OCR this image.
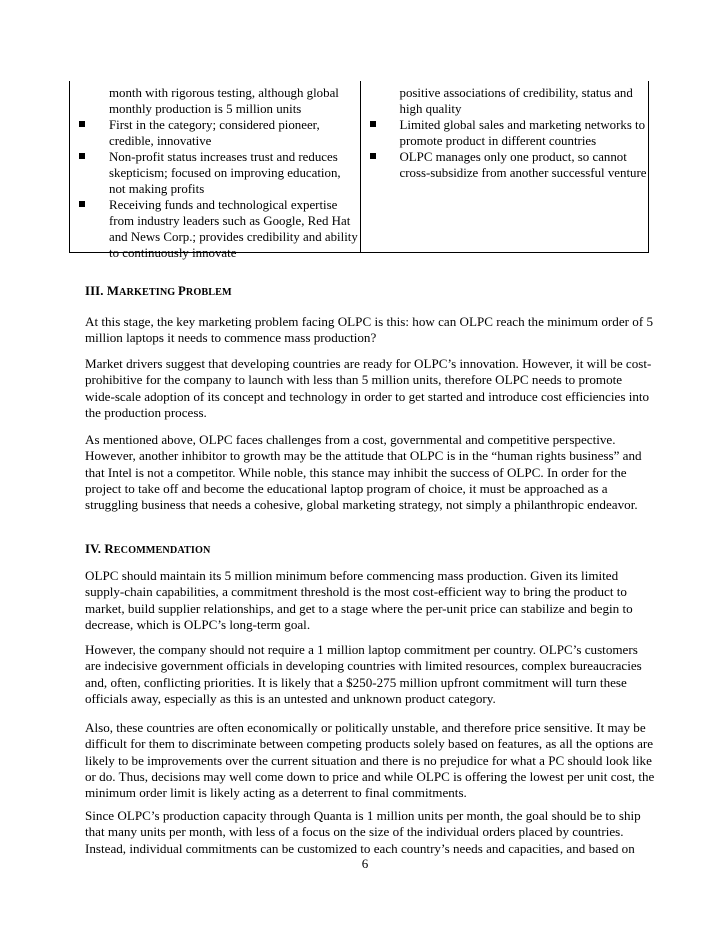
month with rigorous testing, although global monthly production is 5 million units
First in the category; considered pioneer, credible, innovative
Non-profit status increases trust and reduces skepticism; focused on improving education, not making profits
Receiving funds and technological expertise from industry leaders such as Google, Red Hat and News Corp.; provides credibility and ability to continuously innovate
positive associations of credibility, status and high quality
Limited global sales and marketing networks to promote product in different countries
OLPC manages only one product, so cannot cross-subsidize from another successful venture
III. MARKETING PROBLEM

At this stage, the key marketing problem facing OLPC is this: how can OLPC reach the minimum order of 5 million laptops it needs to commence mass production?

Market drivers suggest that developing countries are ready for OLPC’s innovation. However, it will be cost-prohibitive for the company to launch with less than 5 million units, therefore OLPC needs to promote wide-scale adoption of its concept and technology in order to get started and introduce cost efficiencies into the production process.

As mentioned above, OLPC faces challenges from a cost, governmental and competitive perspective. However, another inhibitor to growth may be the attitude that OLPC is in the “human rights business” and that Intel is not a competitor. While noble, this stance may inhibit the success of OLPC. In order for the project to take off and become the educational laptop program of choice, it must be approached as a struggling business that needs a cohesive, global marketing strategy, not simply a philanthropic endeavor.

IV. RECOMMENDATION

OLPC should maintain its 5 million minimum before commencing mass production. Given its limited supply-chain capabilities, a commitment threshold is the most cost-efficient way to bring the product to market, build supplier relationships, and get to a stage where the per-unit price can stabilize and begin to decrease, which is OLPC’s long-term goal.

However, the company should not require a 1 million laptop commitment per country. OLPC’s customers are indecisive government officials in developing countries with limited resources, complex bureaucracies and, often, conflicting priorities. It is likely that a $250-275 million upfront commitment will turn these officials away, especially as this is an untested and unknown product category.

Also, these countries are often economically or politically unstable, and therefore price sensitive. It may be difficult for them to discriminate between competing products solely based on features, as all the options are likely to be improvements over the current situation and there is no prejudice for what a PC should look like or do. Thus, decisions may well come down to price and while OLPC is offering the lowest per unit cost, the minimum order limit is likely acting as a deterrent to final commitments.

Since OLPC’s production capacity through Quanta is 1 million units per month, the goal should be to ship that many units per month, with less of a focus on the size of the individual orders placed by countries. Instead, individual commitments can be customized to each country’s needs and capacities, and based on

6
